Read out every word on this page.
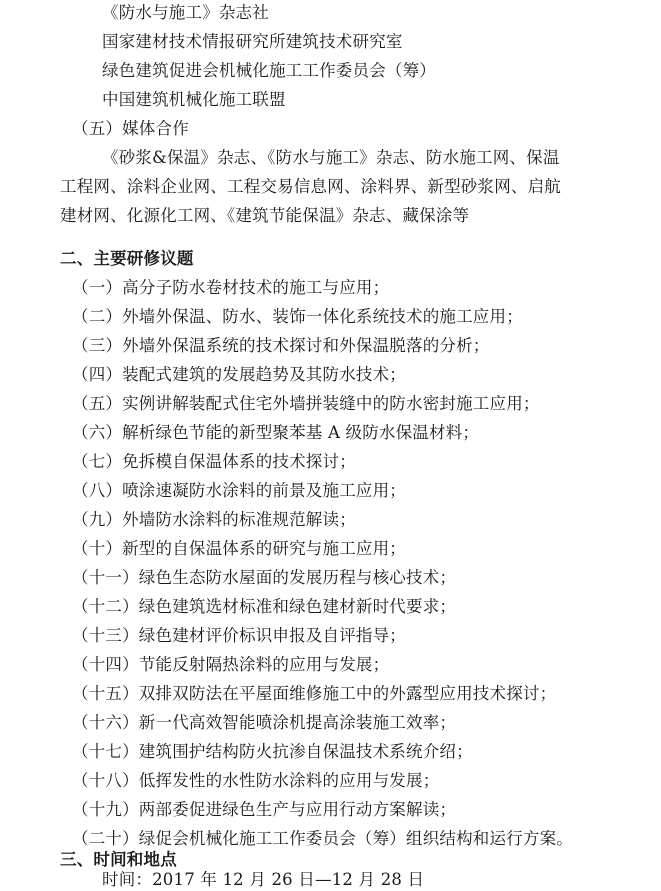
《防水与施工》杂志社
国家建材技术情报研究所建筑技术研究室
绿色建筑促进会机械化施工工作委员会（筹）
中国建筑机械化施工联盟
（五）媒体合作
《砂浆&保温》杂志、《防水与施工》杂志、防水施工网、保温
工程网、涂料企业网、工程交易信息网、涂料界、新型砂浆网、启航
建材网、化源化工网、《建筑节能保温》杂志、藏保涂等
二、主要研修议题
（一）高分子防水卷材技术的施工与应用；
（二）外墙外保温、防水、装饰一体化系统技术的施工应用；
（三）外墙外保温系统的技术探讨和外保温脱落的分析；
（四）装配式建筑的发展趋势及其防水技术；
（五）实例讲解装配式住宅外墙拼装缝中的防水密封施工应用；
（六）解析绿色节能的新型聚苯基 A 级防水保温材料；
（七）免拆模自保温体系的技术探讨；
（八）喷涂速凝防水涂料的前景及施工应用；
（九）外墙防水涂料的标准规范解读；
（十）新型的自保温体系的研究与施工应用；
（十一）绿色生态防水屋面的发展历程与核心技术；
（十二）绿色建筑选材标准和绿色建材新时代要求；
（十三）绿色建材评价标识申报及自评指导；
（十四）节能反射隔热涂料的应用与发展；
（十五）双排双防法在平屋面维修施工中的外露型应用技术探讨；
（十六）新一代高效智能喷涂机提高涂装施工效率；
（十七）建筑围护结构防火抗渗自保温技术系统介绍；
（十八）低挥发性的水性防水涂料的应用与发展；
（十九）两部委促进绿色生产与应用行动方案解读；
（二十）绿促会机械化施工工作委员会（筹）组织结构和运行方案。
三、时间和地点
时间：2017 年 12 月 26 日—12 月 28 日
